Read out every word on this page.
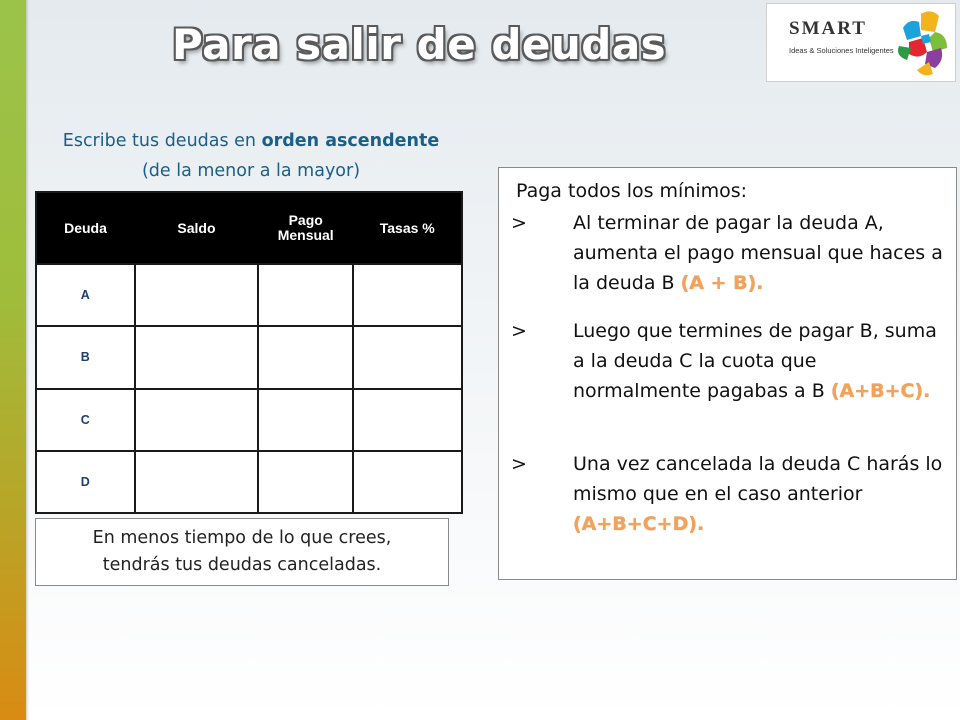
Para salir de deudas	SMART
Ideas & Soluciones Inteligentes
Escribe tus deudas en orden ascendente
(de la menor a la mayor)
Deuda	Saldo	Pago Mensual	Tasas %
A			
B			
C			
D			
En menos tiempo de lo que crees,
tendrás tus deudas canceladas.
Paga todos los mínimos:
> Al terminar de pagar la deuda A, aumenta el pago mensual que haces a la deuda B (A + B).
> Luego que termines de pagar B, suma a la deuda C la cuota que normalmente pagabas a B (A+B+C).
> Una vez cancelada la deuda C harás lo mismo que en el caso anterior (A+B+C+D).
